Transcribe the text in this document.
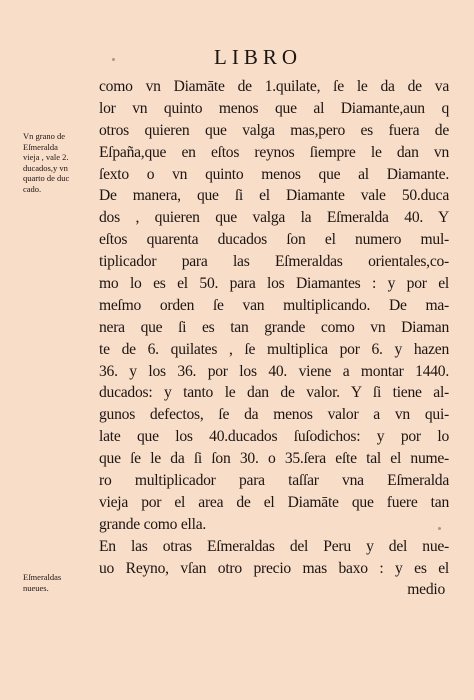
LIBRO
Vn grano de
Eſmeralda
vieja , vale 2.
ducados,y vn
quarto de duc
cado.
Eſmeraldas
nueues.
como vn Diamāte de 1.quilate, ſe le da de va
lor vn quinto menos que al Diamante,aun q
otros quieren que valga mas,pero es fuera de
Eſpaña,que en eſtos reynos ſiempre le dan vn
ſexto o vn quinto menos que al Diamante.
De manera, que ſi el Diamante vale 50.duca
dos , quieren que valga la Eſmeralda 40. Y
eſtos quarenta ducados ſon el numero mul-
tiplicador para las Eſmeraldas orientales,co-
mo lo es el 50. para los Diamantes : y por el
meſmo orden ſe van multiplicando. De ma-
nera que ſi es tan grande como vn Diaman
te de 6. quilates , ſe multiplica por 6. y hazen
36. y los 36. por los 40. viene a montar 1440.
ducados: y tanto le dan de valor. Y ſi tiene al-
gunos defectos, ſe da menos valor a vn qui-
late que los 40.ducados ſuſodichos: y por lo
que ſe le da ſi ſon 30. o 35.ſera eſte tal el nume-
ro multiplicador para taſſar vna Eſmeralda
vieja por el area de el Diamāte que fuere tan
grande como ella.
En las otras Eſmeraldas del Peru y del nue-
uo Reyno, vſan otro precio mas baxo : y es el
medio
